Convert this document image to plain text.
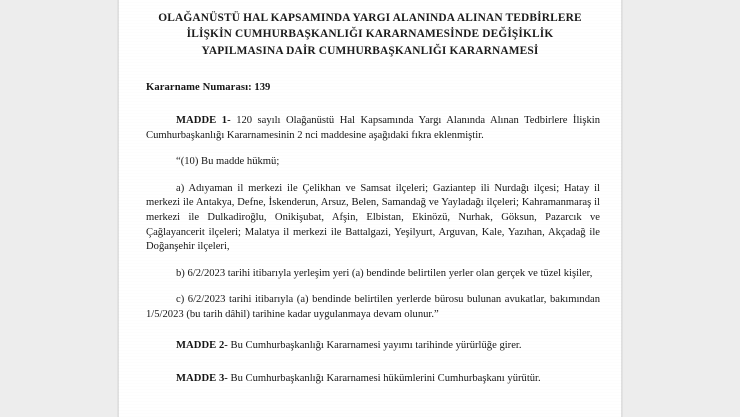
OLAĞANÜSTÜ HAL KAPSAMINDA YARGI ALANINDA ALINAN TEDBİRLERE
İLİŞKİN CUMHURBAŞKANLIĞI KARARNAMESİNDE DEĞİŞİKLİK
YAPILMASINA DAİR CUMHURBAŞKANLIĞI KARARNAMESİ
Kararname Numarası: 139

MADDE 1- 120 sayılı Olağanüstü Hal Kapsamında Yargı Alanında Alınan Tedbirlere İlişkin Cumhurbaşkanlığı Kararnamesinin 2 nci maddesine aşağıdaki fıkra eklenmiştir.

“(10) Bu madde hükmü;

a) Adıyaman il merkezi ile Çelikhan ve Samsat ilçeleri; Gaziantep ili Nurdağı ilçesi; Hatay il merkezi ile Antakya, Defne, İskenderun, Arsuz, Belen, Samandağ ve Yayladağı ilçeleri; Kahramanmaraş il merkezi ile Dulkadiroğlu, Onikişubat, Afşin, Elbistan, Ekinözü, Nurhak, Göksun, Pazarcık ve Çağlayancerit ilçeleri; Malatya il merkezi ile Battalgazi, Yeşilyurt, Arguvan, Kale, Yazıhan, Akçadağ ile Doğanşehir ilçeleri,

b) 6/2/2023 tarihi itibarıyla yerleşim yeri (a) bendinde belirtilen yerler olan gerçek ve tüzel kişiler,

c) 6/2/2023 tarihi itibarıyla (a) bendinde belirtilen yerlerde bürosu bulunan avukatlar, bakımından 1/5/2023 (bu tarih dâhil) tarihine kadar uygulanmaya devam olunur.”

MADDE 2- Bu Cumhurbaşkanlığı Kararnamesi yayımı tarihinde yürürlüğe girer.

MADDE 3- Bu Cumhurbaşkanlığı Kararnamesi hükümlerini Cumhurbaşkanı yürütür.
